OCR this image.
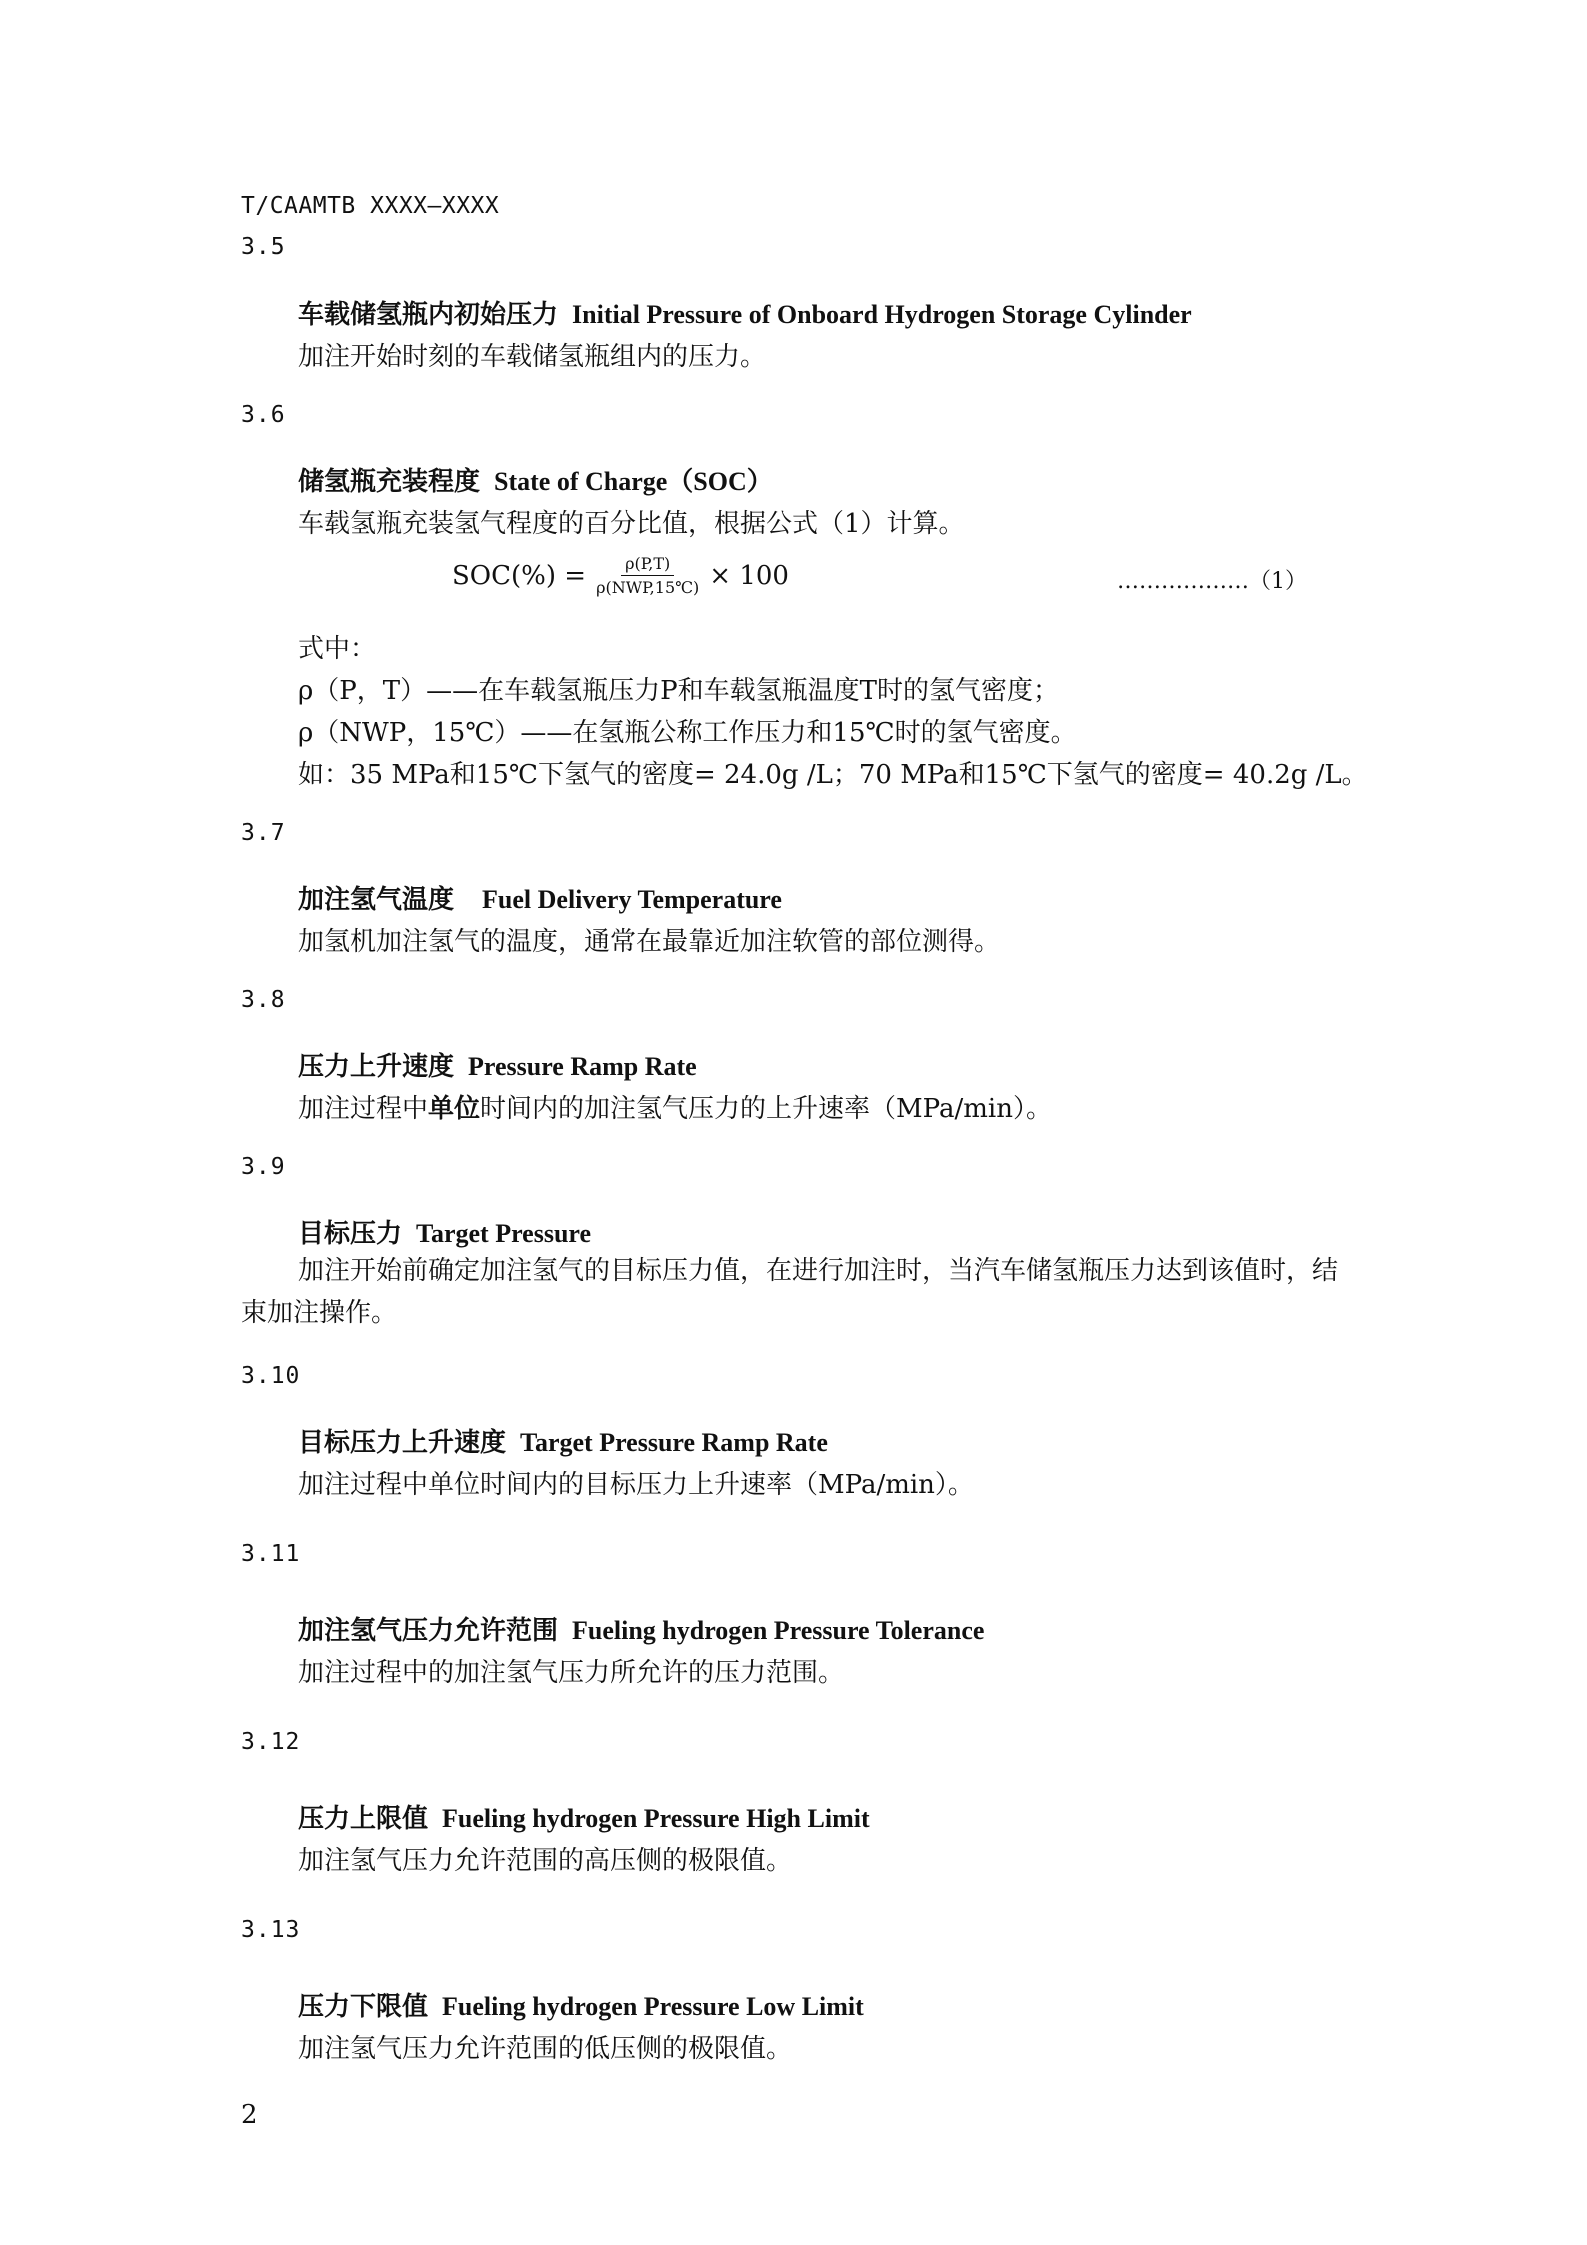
T/CAAMTB XXXX—XXXX
3.5
车载储氢瓶内初始压力 Initial Pressure of Onboard Hydrogen Storage Cylinder
加注开始时刻的车载储氢瓶组内的压力。
3.6
储氢瓶充装程度 State of Charge（SOC）
车载氢瓶充装氢气程度的百分比值，根据公式（1）计算。
$SOC(\%) = \frac{\rho(P,T)}{\text{ρ(NWP,15℃)}} \times 100$	………………（1）
式中：
ρ（P，T）——在车载氢瓶压力P和车载氢瓶温度T时的氢气密度；
ρ（NWP，15℃）——在氢瓶公称工作压力和15℃时的氢气密度。
如：35 MPa和15℃下氢气的密度= 24.0g /L；70 MPa和15℃下氢气的密度= 40.2g /L。
3.7
加注氢气温度 Fuel Delivery Temperature
加氢机加注氢气的温度，通常在最靠近加注软管的部位测得。
3.8
压力上升速度 Pressure Ramp Rate
加注过程中单位时间内的加注氢气压力的上升速率（MPa/min）。
3.9
目标压力 Target Pressure
加注开始前确定加注氢气的目标压力值，在进行加注时，当汽车储氢瓶压力达到该值时，结束加注操作。
3.10
目标压力上升速度 Target Pressure Ramp Rate
加注过程中单位时间内的目标压力上升速率（MPa/min）。
3.11
加注氢气压力允许范围 Fueling hydrogen Pressure Tolerance
加注过程中的加注氢气压力所允许的压力范围。
3.12
压力上限值 Fueling hydrogen Pressure High Limit
加注氢气压力允许范围的高压侧的极限值。
3.13
压力下限值 Fueling hydrogen Pressure Low Limit
加注氢气压力允许范围的低压侧的极限值。
2
